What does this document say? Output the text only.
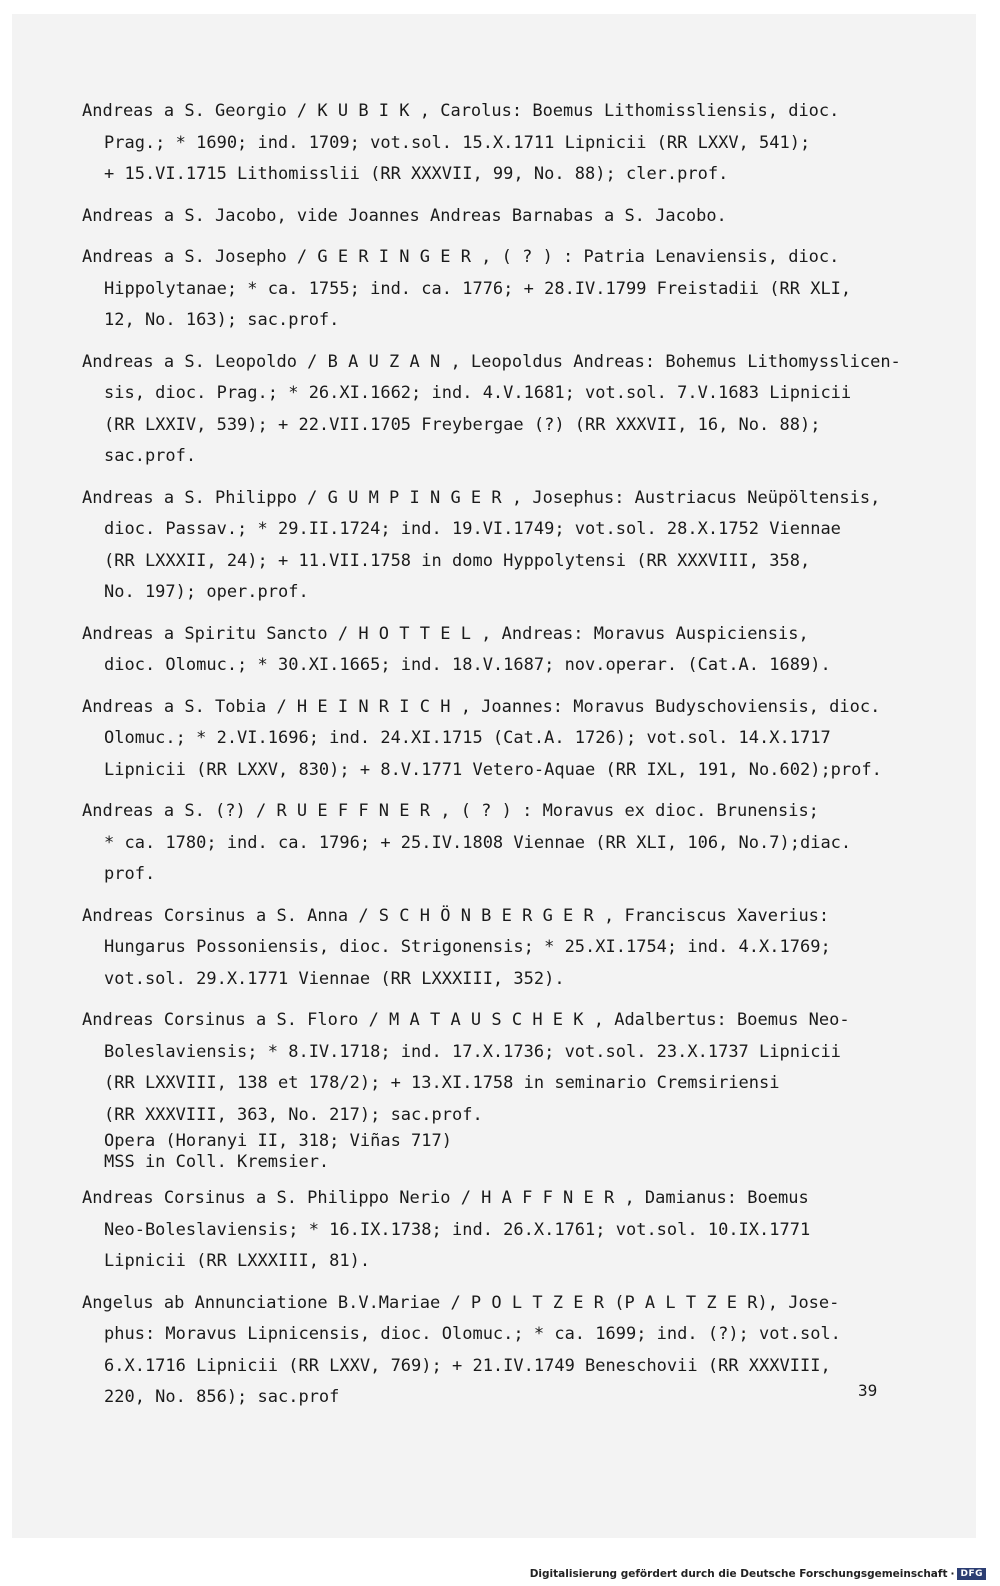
Andreas a S. Georgio / K U B I K , Carolus: Boemus Lithomissliensis, dioc.
Prag.; * 1690; ind. 1709; vot.sol. 15.X.1711 Lipnicii (RR LXXV, 541);
+ 15.VI.1715 Lithomisslii (RR XXXVII, 99, No. 88); cler.prof.
Andreas a S. Jacobo, vide Joannes Andreas Barnabas a S. Jacobo.
Andreas a S. Josepho / G E R I N G E R , ( ? ) : Patria Lenaviensis, dioc.
Hippolytanae; * ca. 1755; ind. ca. 1776; + 28.IV.1799 Freistadii (RR XLI,
12, No. 163); sac.prof.
Andreas a S. Leopoldo / B A U Z A N , Leopoldus Andreas: Bohemus Lithomysslicen-
sis, dioc. Prag.; * 26.XI.1662; ind. 4.V.1681; vot.sol. 7.V.1683 Lipnicii
(RR LXXIV, 539); + 22.VII.1705 Freybergae (?) (RR XXXVII, 16, No. 88);
sac.prof.
Andreas a S. Philippo / G U M P I N G E R , Josephus: Austriacus Neüpöltensis,
dioc. Passav.; * 29.II.1724; ind. 19.VI.1749; vot.sol. 28.X.1752 Viennae
(RR LXXXII, 24); + 11.VII.1758 in domo Hyppolytensi (RR XXXVIII, 358,
No. 197); oper.prof.
Andreas a Spiritu Sancto / H O T T E L , Andreas: Moravus Auspiciensis,
dioc. Olomuc.; * 30.XI.1665; ind. 18.V.1687; nov.operar. (Cat.A. 1689).
Andreas a S. Tobia / H E I N R I C H , Joannes: Moravus Budyschoviensis, dioc.
Olomuc.; * 2.VI.1696; ind. 24.XI.1715 (Cat.A. 1726); vot.sol. 14.X.1717
Lipnicii (RR LXXV, 830); + 8.V.1771 Vetero-Aquae (RR IXL, 191, No.602);prof.
Andreas a S. (?) / R U E F F N E R , ( ? ) : Moravus ex dioc. Brunensis;
* ca. 1780; ind. ca. 1796; + 25.IV.1808 Viennae (RR XLI, 106, No.7);diac.
prof.
Andreas Corsinus a S. Anna / S C H Ö N B E R G E R , Franciscus Xaverius:
Hungarus Possoniensis, dioc. Strigonensis; * 25.XI.1754; ind. 4.X.1769;
vot.sol. 29.X.1771 Viennae (RR LXXXIII, 352).
Andreas Corsinus a S. Floro / M A T A U S C H E K , Adalbertus: Boemus Neo-
Boleslaviensis; * 8.IV.1718; ind. 17.X.1736; vot.sol. 23.X.1737 Lipnicii
(RR LXXVIII, 138 et 178/2); + 13.XI.1758 in seminario Cremsiriensi
(RR XXXVIII, 363, No. 217); sac.prof.
Opera (Horanyi II, 318; Viñas 717)
MSS in Coll. Kremsier.
Andreas Corsinus a S. Philippo Nerio / H A F F N E R , Damianus: Boemus
Neo-Boleslaviensis; * 16.IX.1738; ind. 26.X.1761; vot.sol. 10.IX.1771
Lipnicii (RR LXXXIII, 81).
Angelus ab Annunciatione B.V.Mariae / P O L T Z E R (P A L T Z E R), Jose-
phus: Moravus Lipnicensis, dioc. Olomuc.; * ca. 1699; ind. (?); vot.sol.
6.X.1716 Lipnicii (RR LXXV, 769); + 21.IV.1749 Beneschovii (RR XXXVIII,
220, No. 856); sac.prof	39
Digitalisierung gefördert durch die Deutsche Forschungsgemeinschaft · DFG
